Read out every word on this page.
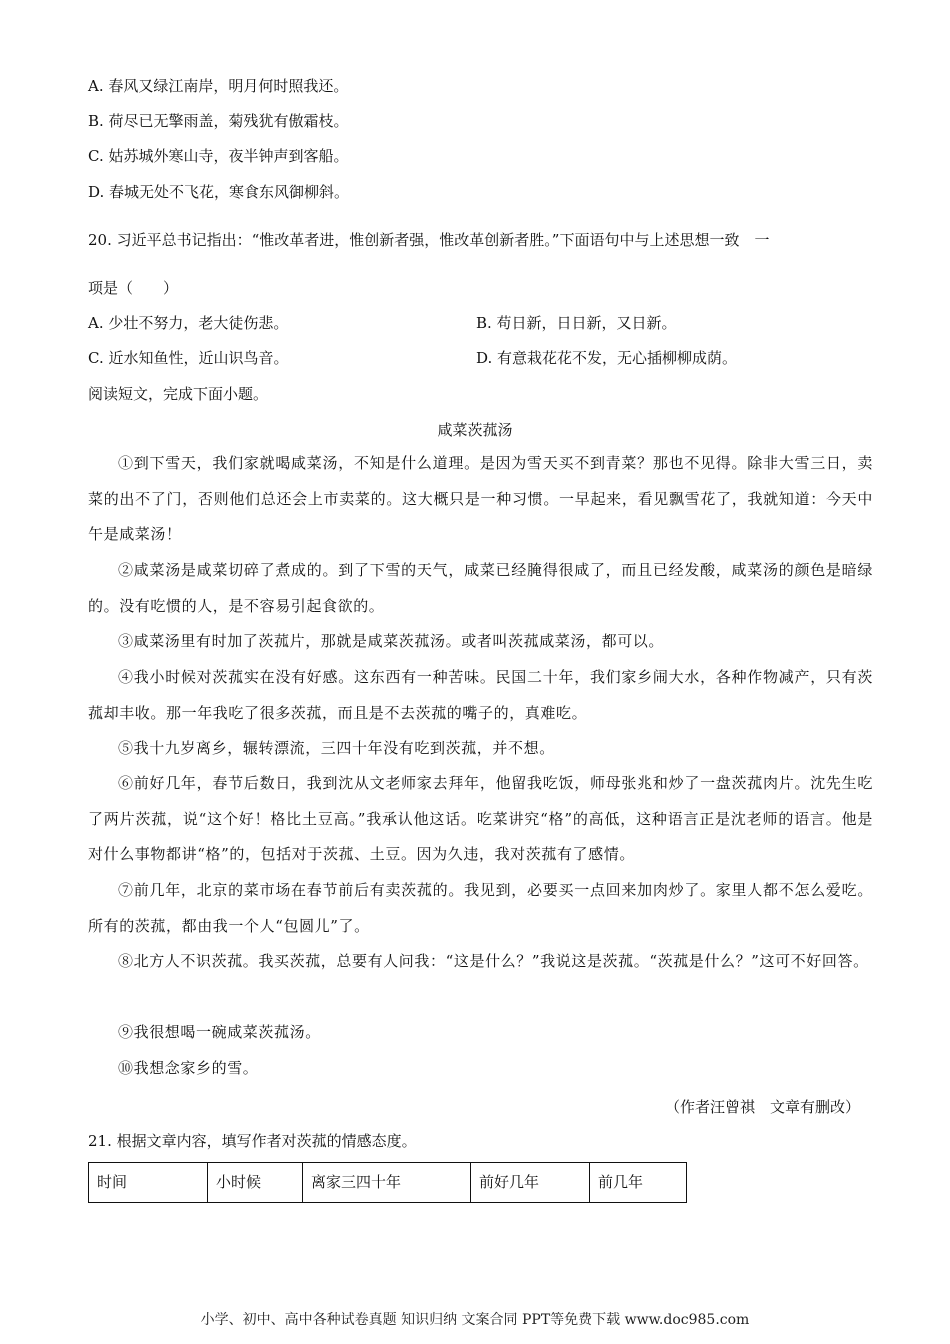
A. 春风又绿江南岸，明月何时照我还。
B. 荷尽已无擎雨盖，菊残犹有傲霜枝。
C. 姑苏城外寒山寺，夜半钟声到客船。
D. 春城无处不飞花，寒食东风御柳斜。
20. 习近平总书记指出：“惟改革者进，惟创新者强，惟改革创新者胜。”下面语句中与上述思想一致　一
项是（　　）
A. 少壮不努力，老大徒伤悲。	B. 苟日新，日日新，又日新。
C. 近水知鱼性，近山识鸟音。	D. 有意栽花花不发，无心插柳柳成荫。
阅读短文，完成下面小题。
咸菜茨菰汤
①到下雪天，我们家就喝咸菜汤，不知是什么道理。是因为雪天买不到青菜？那也不见得。除非大雪三日，卖菜的出不了门，否则他们总还会上市卖菜的。这大概只是一种习惯。一早起来，看见飘雪花了，我就知道：今天中午是咸菜汤！
②咸菜汤是咸菜切碎了煮成的。到了下雪的天气，咸菜已经腌得很咸了，而且已经发酸，咸菜汤的颜色是暗绿的。没有吃惯的人，是不容易引起食欲的。
③咸菜汤里有时加了茨菰片，那就是咸菜茨菰汤。或者叫茨菰咸菜汤，都可以。
④我小时候对茨菰实在没有好感。这东西有一种苦味。民国二十年，我们家乡闹大水，各种作物减产，只有茨菰却丰收。那一年我吃了很多茨菰，而且是不去茨菰的嘴子的，真难吃。
⑤我十九岁离乡，辗转漂流，三四十年没有吃到茨菰，并不想。
⑥前好几年，春节后数日，我到沈从文老师家去拜年，他留我吃饭，师母张兆和炒了一盘茨菰肉片。沈先生吃了两片茨菰，说“这个好！格比土豆高。”我承认他这话。吃菜讲究“格”的高低，这种语言正是沈老师的语言。他是对什么事物都讲“格”的，包括对于茨菰、土豆。因为久违，我对茨菰有了感情。
⑦前几年，北京的菜市场在春节前后有卖茨菰的。我见到，必要买一点回来加肉炒了。家里人都不怎么爱吃。所有的茨菰，都由我一个人“包圆儿”了。
⑧北方人不识茨菰。我买茨菰，总要有人问我：“这是什么？”我说这是茨菰。“茨菰是什么？”这可不好回答。
⑨我很想喝一碗咸菜茨菰汤。
⑩我想念家乡的雪。
（作者汪曾祺　文章有删改）
21. 根据文章内容，填写作者对茨菰的情感态度。
时间	小时候	离家三四十年	前好几年	前几年
小学、初中、高中各种试卷真题 知识归纳 文案合同 PPT等免费下载 www.doc985.com
